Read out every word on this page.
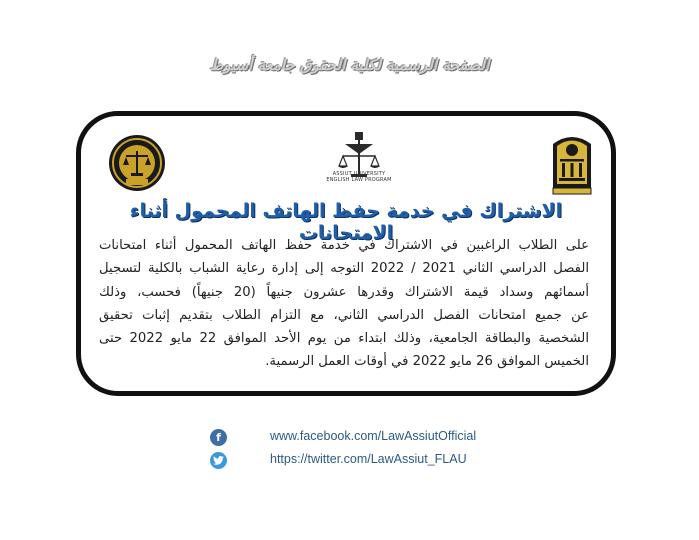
الصفحة الرسمية لكلية الحقوق جامعة أسيوط
ASSIUT UNIVERSITY
ENGLISH LAW PROGRAM
الاشتراك في خدمة حفظ الهاتف المحمول أثناء الامتحانات
على الطلاب الراغبين في الاشتراك في خدمة حفظ الهاتف المحمول أثناء امتحانات
الفصل الدراسي الثاني 2021 / 2022 التوجه إلى إدارة رعاية الشباب بالكلية لتسجيل
أسمائهم وسداد قيمة الاشتراك وقدرها عشرون جنيهاً (20 جنيهاً) فحسب، وذلك
عن جميع امتحانات الفصل الدراسي الثاني، مع التزام الطلاب بتقديم إثبات تحقيق
الشخصية والبطاقة الجامعية، وذلك ابتداء من يوم الأحد الموافق 22 مايو 2022 حتى
الخميس الموافق 26 مايو 2022 في أوقات العمل الرسمية.
f	www.facebook.com/LawAssiutOfficial
https://twitter.com/LawAssiut_FLAU
